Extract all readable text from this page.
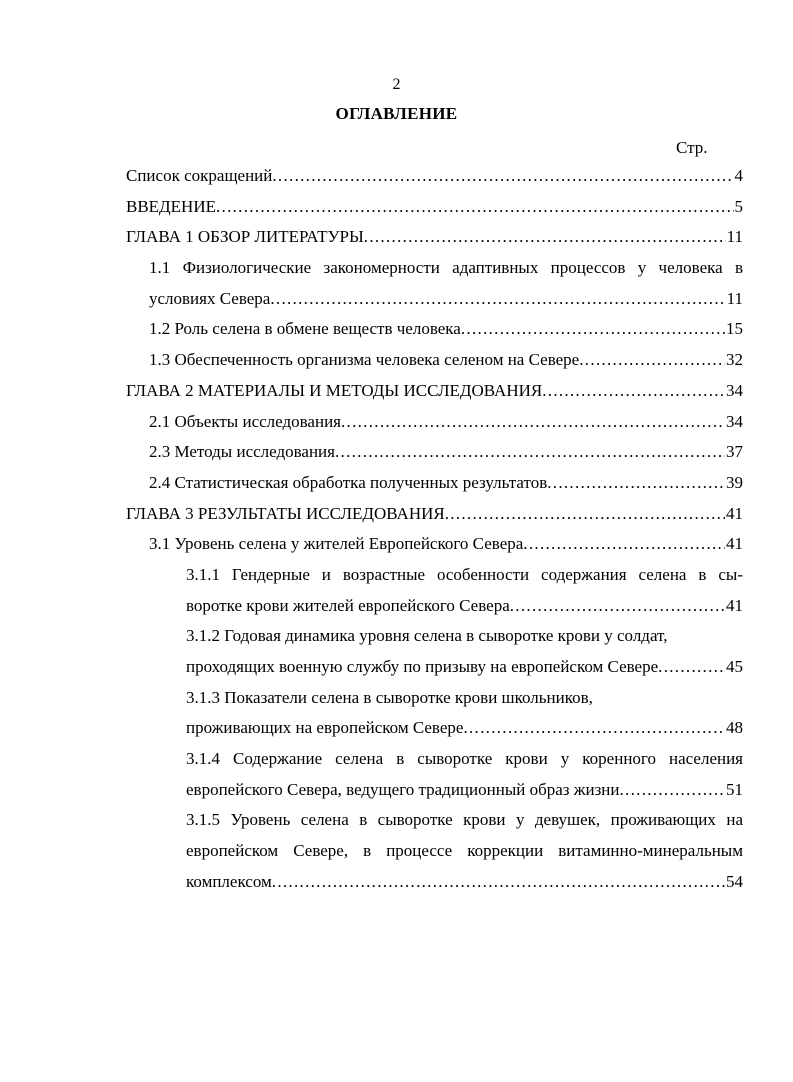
2
ОГЛАВЛЕНИЕ
Стр.
Список сокращений .....	4
ВВЕДЕНИЕ .....	5
ГЛАВА 1 ОБЗОР ЛИТЕРАТУРЫ .....	11
1.1 Физиологические закономерности адаптивных процессов у человека в
условиях Севера .....	11
1.2 Роль селена в обмене веществ человека .....	15
1.3 Обеспеченность организма человека селеном на Севере .....	32
ГЛАВА 2 МАТЕРИАЛЫ И МЕТОДЫ ИССЛЕДОВАНИЯ .....	34
2.1 Объекты исследования .....	34
2.3 Методы исследования .....	37
2.4 Статистическая обработка полученных результатов .....	39
ГЛАВА 3 РЕЗУЛЬТАТЫ ИССЛЕДОВАНИЯ .....	41
3.1 Уровень селена у жителей Европейского Севера .....	41
3.1.1 Гендерные и возрастные особенности содержания селена в сы-
воротке крови жителей европейского Севера .....	41
3.1.2 Годовая динамика уровня селена в сыворотке крови у солдат,
проходящих военную службу по призыву на европейском Севере .....	45
3.1.3 Показатели селена в сыворотке крови школьников,
проживающих на европейском Севере .....	48
3.1.4 Содержание селена в сыворотке крови у коренного населения
европейского Севера, ведущего традиционный образ жизни .....	51
3.1.5 Уровень селена в сыворотке крови у девушек, проживающих на
европейском Севере, в процессе коррекции витаминно-минеральным
комплексом .....	54
